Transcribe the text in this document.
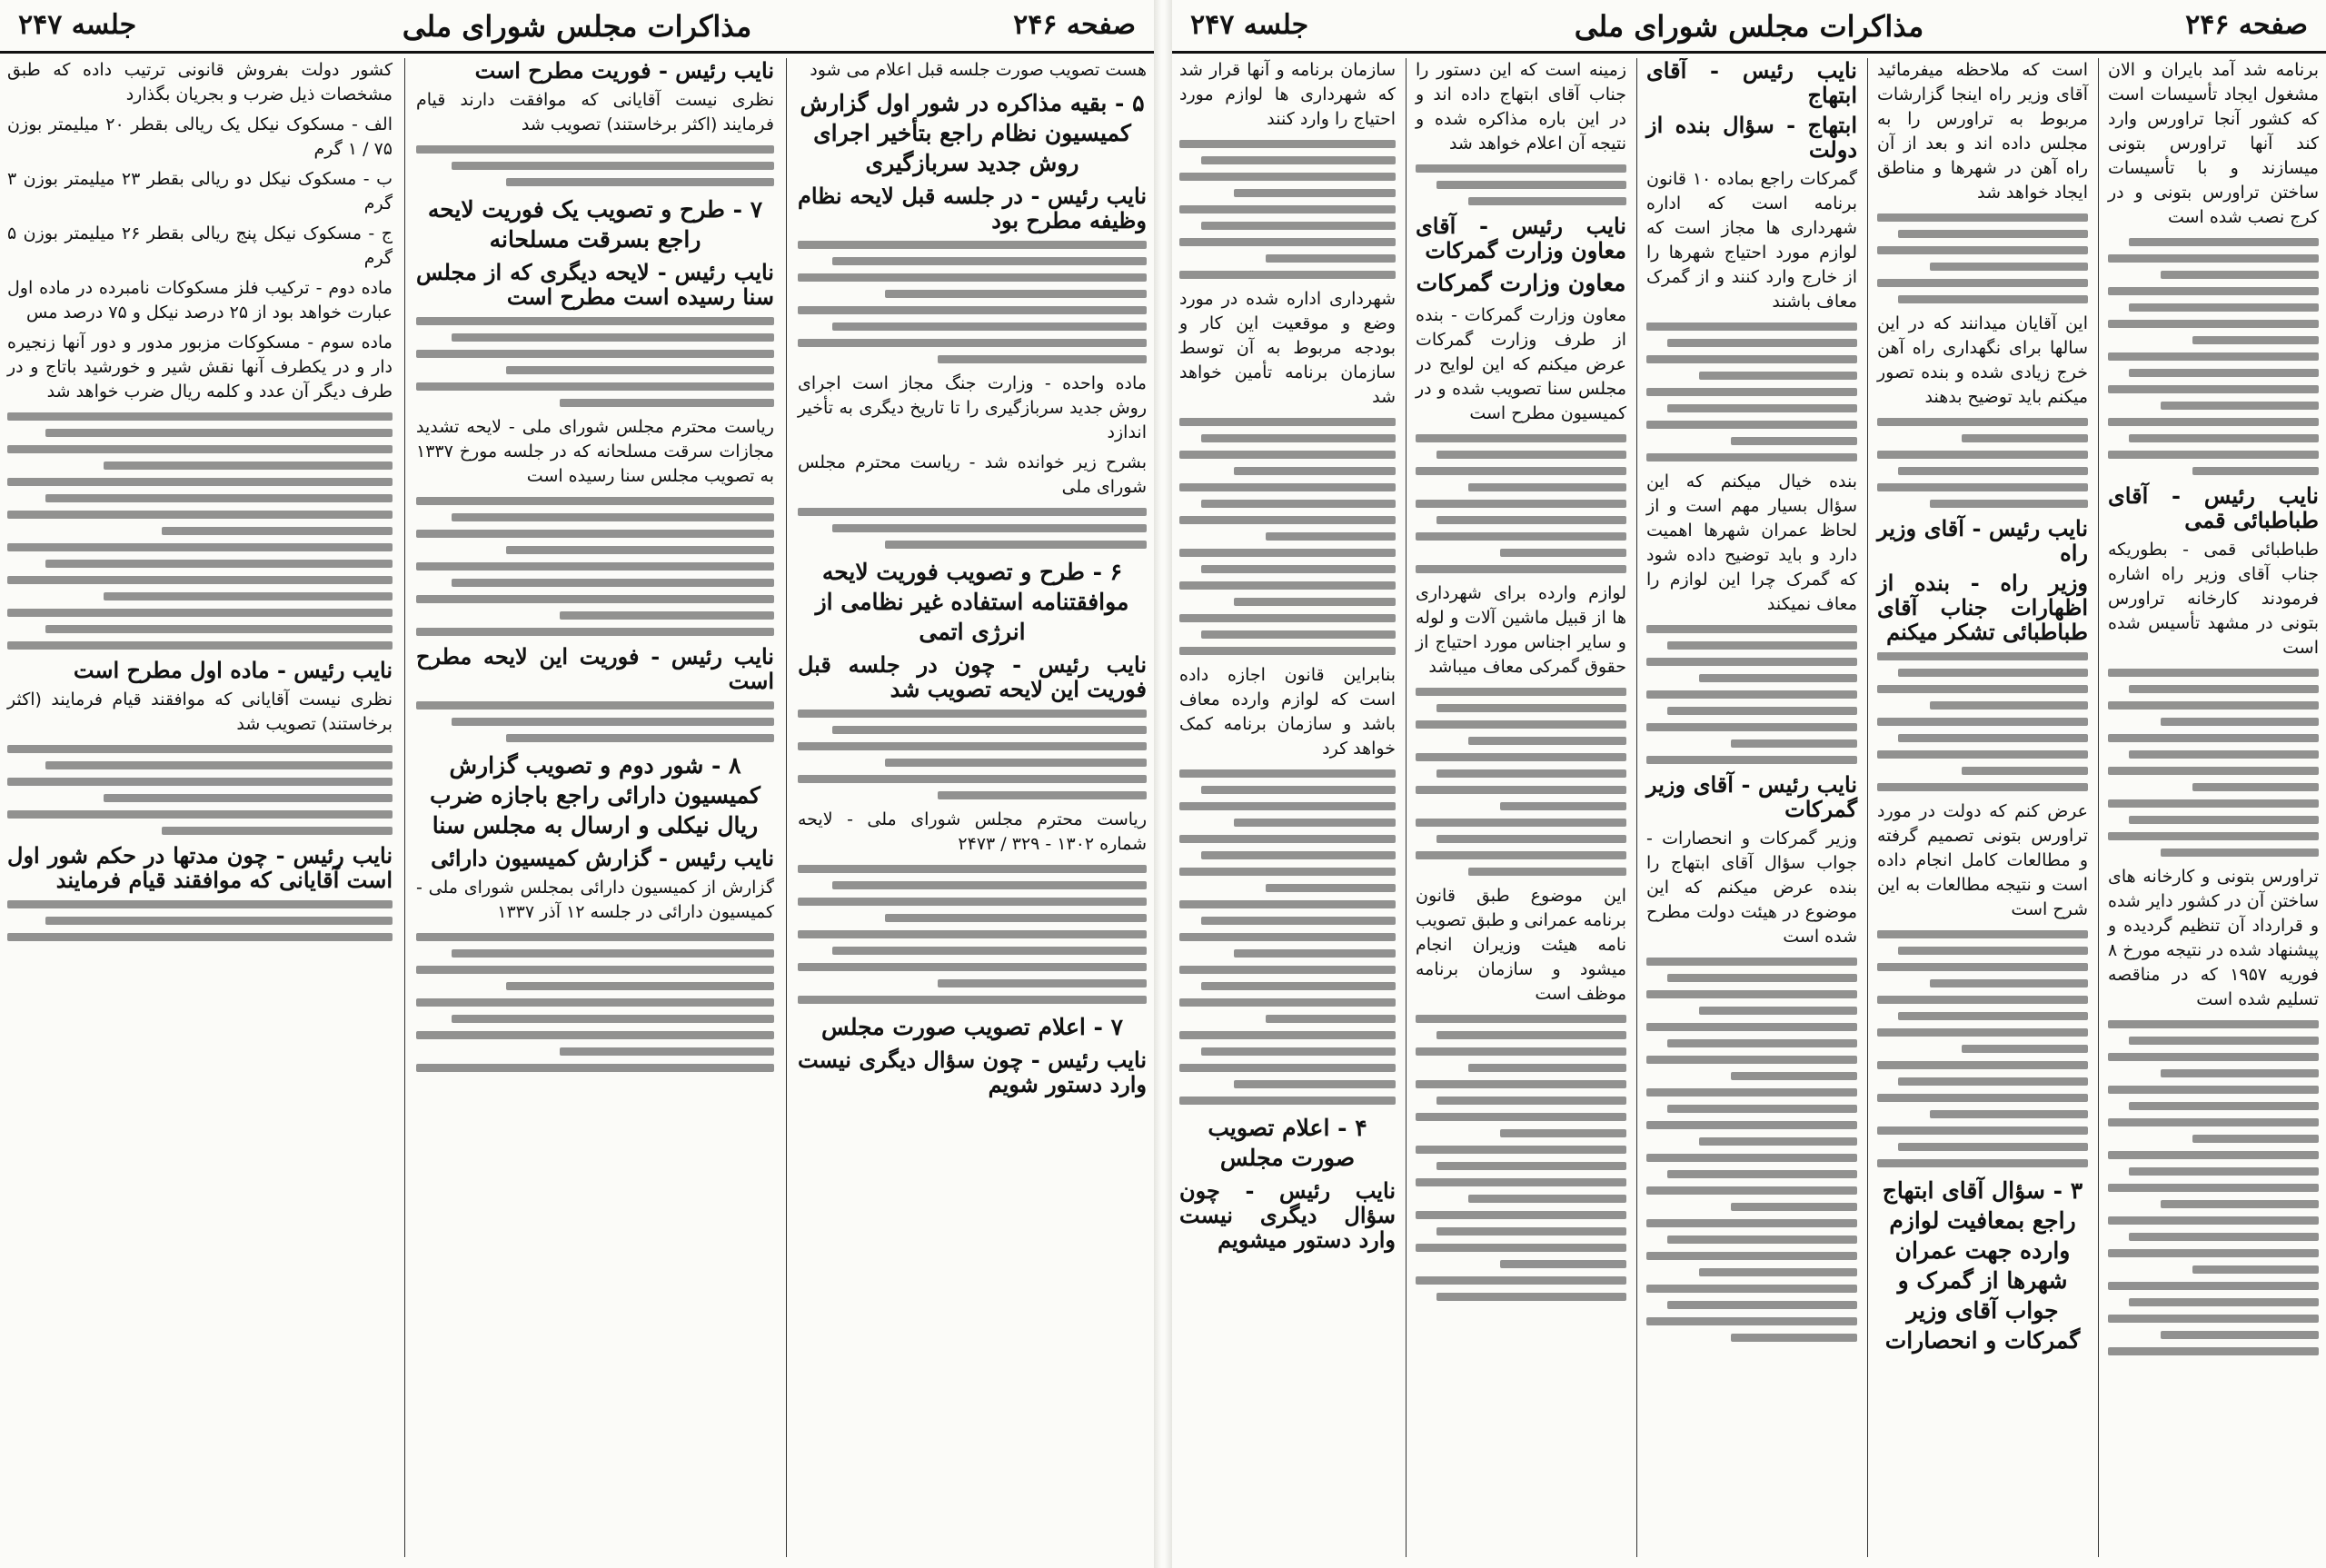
صفحه ۲۴۶
مذاکرات مجلس شورای ملی
جلسه ۲۴۷

برنامه شد آمد بایران و الان مشغول ایجاد تأسیسات است که کشور آنجا تراورس وارد کند آنها تراورس بتونی میسازند و با تأسیسات ساختن تراورس بتونی و در کرج نصب شده است

نایب رئیس - آقای طباطبائی قمی

طباطبائی قمی - بطوریکه جناب آقای وزیر راه اشاره فرمودند کارخانه تراورس بتونی در مشهد تأسیس شده است

تراورس بتونی و کارخانه های ساختن آن در کشور دایر شده و قرارداد آن تنظیم گردیده و پیشنهاد شده در نتیجه مورخ ۸ فوریه ۱۹۵۷ که در مناقصه تسلیم شده است

است که ملاحظه میفرمائید آقای وزیر راه اینجا گزارشات مربوط به تراورس را به مجلس داده اند و بعد از آن راه آهن در شهرها و مناطق ایجاد خواهد شد

این آقایان میدانند که در این سالها برای نگهداری راه آهن خرج زیادی شده و بنده تصور میکنم باید توضیح بدهند

نایب رئیس - آقای وزیر راه

وزیر راه - بنده از اظهارات جناب آقای طباطبائی تشکر میکنم

عرض کنم که دولت در مورد تراورس بتونی تصمیم گرفته و مطالعات کامل انجام داده است و نتیجه مطالعات به این شرح است

۳ - سؤال آقای ابتهاج راجع بمعافیت لوازم وارده جهت عمران شهرها از گمرک و جواب آقای وزیر گمرکات و انحصارات

نایب رئیس - آقای ابتهاج

ابتهاج - سؤال بنده از دولت

گمرکات راجع بماده ۱۰ قانون برنامه است که اداره شهرداری ها مجاز است که لوازم مورد احتیاج شهرها را از خارج وارد کنند و از گمرک معاف باشند

بنده خیال میکنم که این سؤال بسیار مهم است و از لحاظ عمران شهرها اهمیت دارد و باید توضیح داده شود که گمرک چرا این لوازم را معاف نمیکند

نایب رئیس - آقای وزیر گمرکات

وزیر گمرکات و انحصارات - جواب سؤال آقای ابتهاج را بنده عرض میکنم که این موضوع در هیئت دولت مطرح شده است

زمینه است که این دستور را جناب آقای ابتهاج داده اند و در این باره مذاکره شده و نتیجه آن اعلام خواهد شد

نایب رئیس - آقای معاون وزارت گمرکات

معاون وزارت گمرکات

معاون وزارت گمرکات - بنده از طرف وزارت گمرکات عرض میکنم که این لوایح در مجلس سنا تصویب شده و در کمیسیون مطرح است

لوازم وارده برای شهرداری ها از قبیل ماشین آلات و لوله و سایر اجناس مورد احتیاج از حقوق گمرکی معاف میباشد

این موضوع طبق قانون برنامه عمرانی و طبق تصویب نامه هیئت وزیران انجام میشود و سازمان برنامه موظف است

سازمان برنامه و آنها قرار شد که شهرداری ها لوازم مورد احتیاج را وارد کنند

شهرداری اداره شده در مورد وضع و موقعیت این کار و بودجه مربوط به آن توسط سازمان برنامه تأمین خواهد شد

بنابراین قانون اجازه داده است که لوازم وارده معاف باشد و سازمان برنامه کمک خواهد کرد

۴ - اعلام تصویب صورت مجلس

نایب رئیس - چون سؤال دیگری نیست وارد دستور میشویم

صفحه ۲۴۶
مذاکرات مجلس شورای ملی
جلسه ۲۴۷

هست تصویب صورت جلسه قبل اعلام می شود

۵ - بقیه مذاکره در شور اول گزارش کمیسیون نظام راجع بتأخیر اجرای روش جدید سربازگیری

نایب رئیس - در جلسه قبل لایحه نظام وظیفه مطرح بود

ماده واحده - وزارت جنگ مجاز است اجرای روش جدید سربازگیری را تا تاریخ دیگری به تأخیر اندازد

بشرح زیر خوانده شد - ریاست محترم مجلس شورای ملی

۶ - طرح و تصویب فوریت لایحه موافقتنامه استفاده غیر نظامی از انرژی اتمی

نایب رئیس - چون در جلسه قبل فوریت این لایحه تصویب شد

ریاست محترم مجلس شورای ملی - لایحه شماره ۱۳۰۲ - ۳۲۹ / ۲۴۷۳

۷ - اعلام تصویب صورت مجلس

نایب رئیس - چون سؤال دیگری نیست وارد دستور شویم

نایب رئیس - فوریت مطرح است

نظری نیست آقایانی که موافقت دارند قیام فرمایند (اکثر برخاستند) تصویب شد

۷ - طرح و تصویب یک فوریت لایحه راجع بسرقت مسلحانه

نایب رئیس - لایحه دیگری که از مجلس سنا رسیده است مطرح است

ریاست محترم مجلس شورای ملی - لایحه تشدید مجازات سرقت مسلحانه که در جلسه مورخ ۱۳۳۷ به تصویب مجلس سنا رسیده است

نایب رئیس - فوریت این لایحه مطرح است

۸ - شور دوم و تصویب گزارش کمیسیون دارائی راجع باجازه ضرب ریال نیکلی و ارسال به مجلس سنا

نایب رئیس - گزارش کمیسیون دارائی

گزارش از کمیسیون دارائی بمجلس شورای ملی - کمیسیون دارائی در جلسه ۱۲ آذر ۱۳۳۷

کشور دولت بفروش قانونی ترتیب داده که طبق مشخصات ذیل ضرب و بجریان بگذارد

الف - مسکوک نیکل یک ریالی بقطر ۲۰ میلیمتر بوزن ۷۵ / ۱ گرم

ب - مسکوک نیکل دو ریالی بقطر ۲۳ میلیمتر بوزن ۳ گرم

ج - مسکوک نیکل پنج ریالی بقطر ۲۶ میلیمتر بوزن ۵ گرم

ماده دوم - ترکیب فلز مسکوکات نامبرده در ماده اول عبارت خواهد بود از ۲۵ درصد نیکل و ۷۵ درصد مس

ماده سوم - مسکوکات مزبور مدور و دور آنها زنجیره دار و در یکطرف آنها نقش شیر و خورشید باتاج و در طرف دیگر آن عدد و کلمه ریال ضرب خواهد شد

نایب رئیس - ماده اول مطرح است

نظری نیست آقایانی که موافقند قیام فرمایند (اکثر برخاستند) تصویب شد

نایب رئیس - چون مدتها در حکم شور اول است آقایانی که موافقند قیام فرمایند
